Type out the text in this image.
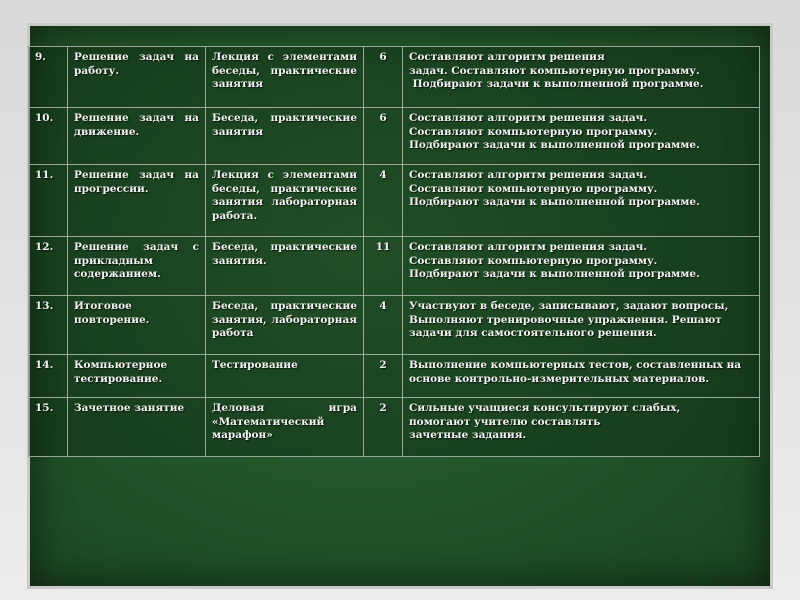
9.	Решение задач на работу.	Лекция с элементами беседы, практические занятия	6	Составляют алгоритм решения
задач. Составляют компьютерную программу.
Подбирают задачи к выполненной программе.

10.	Решение задач на движение.	Беседа, практические занятия	6	Составляют алгоритм решения задач.
Составляют компьютерную программу.
Подбирают задачи к выполненной программе.

11.	Решение задач на прогрессии.	Лекция с элементами беседы, практические занятия лабораторная работа.	4	Составляют алгоритм решения задач.
Составляют компьютерную программу.
Подбирают задачи к выполненной программе.

12.	Решение задач с прикладным содержанием.	Беседа, практические занятия.	11	Составляют алгоритм решения задач.
Составляют компьютерную программу.
Подбирают задачи к выполненной программе.

13.	Итоговое повторение.	Беседа, практические занятия, лабораторная работа	4	Участвуют в беседе, записывают, задают вопросы,
Выполняют тренировочные упражнения. Решают
задачи для самостоятельного решения.

14.	Компьютерное тестирование.	Тестирование	2	Выполнение компьютерных тестов, составленных на
основе контрольно-измерительных материалов.

15.	Зачетное занятие	Деловая игра «Математический марафон»	2	Сильные учащиеся консультируют слабых,
помогают учителю составлять
зачетные задания.
